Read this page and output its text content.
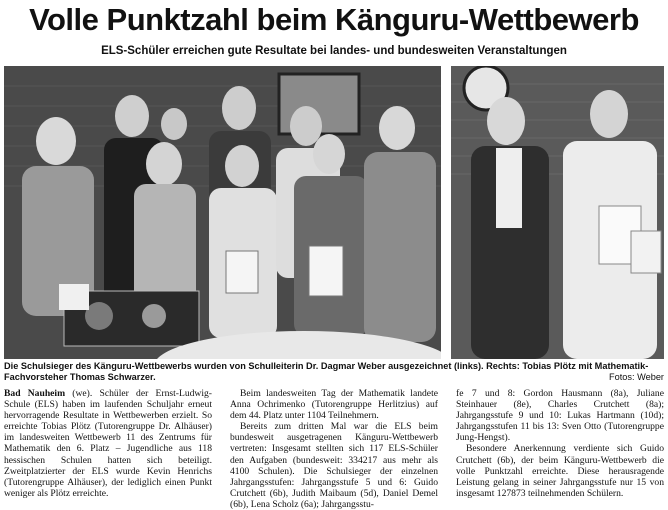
Volle Punktzahl beim Känguru-Wettbewerb
ELS-Schüler erreichen gute Resultate bei landes- und bundesweiten Veranstaltungen
Die Schulsieger des Känguru-Wettbewerbs wurden von Schulleiterin Dr. Dagmar Weber ausgezeichnet (links). Rechts: Tobias Plötz mit Mathematik-Fachvorsteher Thomas Schwarzer.	Fotos: Weber

Bad Nauheim (we). Schüler der Ernst-Ludwig-Schule (ELS) haben im laufenden Schuljahr erneut hervorragende Resultate in Wettbewerben erzielt. So erreichte Tobias Plötz (Tutorengruppe Dr. Alhäuser) im landesweiten Wettbewerb 11 des Zentrums für Mathematik den 6. Platz – Jugendliche aus 118 hessischen Schulen hatten sich beteiligt. Zweitplatzierter der ELS wurde Kevin Henrichs (Tutorengruppe Alhäuser), der lediglich einen Punkt weniger als Plötz erreichte.

Beim landesweiten Tag der Mathematik landete Anna Ochrimenko (Tutorengruppe Herlitzius) auf dem 44. Platz unter 1104 Teilnehmern.

Bereits zum dritten Mal war die ELS beim bundesweit ausgetragenen Känguru-Wettbewerb vertreten: Insgesamt stellten sich 117 ELS-Schüler den Aufgaben (bundesweit: 334217 aus mehr als 4100 Schulen). Die Schulsieger der einzelnen Jahrgangsstufen: Jahrgangsstufe 5 und 6: Guido Crutchett (6b), Judith Maibaum (5d), Daniel Demel (6b), Lena Scholz (6a); Jahrgangsstu-

fe 7 und 8: Gordon Hausmann (8a), Juliane Steinhauer (8e), Charles Crutchett (8a); Jahrgangsstufe 9 und 10: Lukas Hartmann (10d); Jahrgangsstufen 11 bis 13: Sven Otto (Tutorengruppe Jung-Hengst).

Besondere Anerkennung verdiente sich Guido Crutchett (6b), der beim Känguru-Wettbewerb die volle Punktzahl erreichte. Diese herausragende Leistung gelang in seiner Jahrgangsstufe nur 15 von insgesamt 127873 teilnehmenden Schülern.
